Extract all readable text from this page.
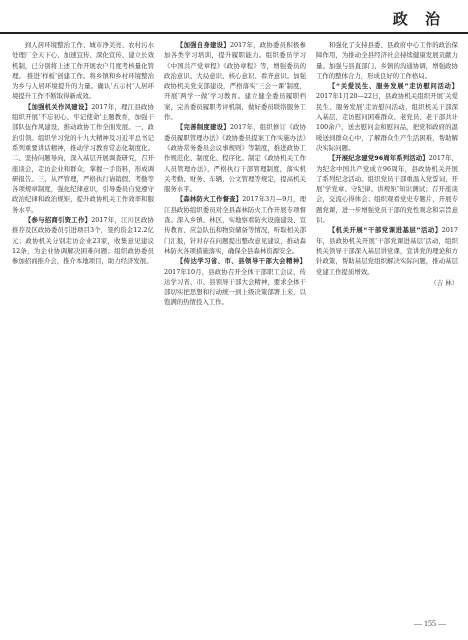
政 治

到人居环境整治工作、城市净美亮、农村污水处理厂全天下心、加速宜传、深化宣传、建立长效机制，已分别将上述工作开展农户月度考核量化管理。 推进‘样板’创建工作。将乡镇和乡村环境整治为乡与人居环境提升的力量。确认‘五示村’人居环境提升工作不断取得新成效。

【加强机关作风建设】2017年，理江县政协组织开展‘不忘初心、牢记使命’主题教育，加强干部队伍作风建设，推动政协工作全面发展。一、政治引领。组织学习党的十九大精神及习近平总书记系列重要讲话精神，推动学习教育常态化制度化。二、坚持问题导向，深入基层开展调查研究，召开座谈会，走访企业和群众，掌握一手资料，形成调研报告。三、从严管理，严格执行请销假、考勤等各项规章制度，强化纪律意识，引导委员自觉遵守政治纪律和政治规矩，提升政协机关工作效率和服务水平。

【参与招商引资工作】2017年，江川区政协推荐及区政协委员引进项目3个，签约资金12.2亿元；政协机关分别走访企业23家，收集意见建议12条，为企业协调解决困难问题；组织政协委员参加招商推介会，推介本地项目，助力经济发展。

【加强自身建设】2017年，政协委员积极参加各类学习培训，提升履职能力。组织委员学习《中国共产党章程》《政协章程》等，增强委员的政治意识、大局意识、核心意识、看齐意识。加强政协机关党支部建设，严格落实‘三会一课’制度，开展‘两学一做’学习教育。建立健全委员履职档案，完善委员履职考评机制，做好委员联络服务工作。

【完善制度建设】2017年，组织修订《政协委员履职管理办法》《政协委员提案工作实施办法》《政协常务委员会议事规则》等制度，推进政协工作规范化、制度化、程序化。制定《政协机关工作人员管理办法》，严格执行干部管理制度，落实机关考勤、财务、车辆、公文管理等规定，提高机关服务水平。

【森林防火工作督查】2017年3月—9月，理江县政协组织委员对全县森林防火工作开展专项督查。深入乡镇、林区，实地察看防火设施建设、宣传教育、应急队伍和物资储备等情况，听取相关部门汇报，针对存在问题提出整改意见建议，推动森林防火各项措施落实，确保全县森林资源安全。

【传达学习省、市、县领导干部大会精神】2017年10月，县政协召开全体干部职工会议，传达学习省、市、县领导干部大会精神，要求全体干部切实把思想和行动统一到上级决策部署上来，以饱满的热情投入工作。

和强化了支持县委、县政府中心工作的政治保障作用，为推动全县经济社会持续健康发展贡献力量。加强与县直部门、乡镇的沟通协调，增强政协工作的整体合力，形成良好的工作格局。

【“关爱民生、服务发展”走访慰问活动】2017年1月20—22日，县政协机关组织开展‘关爱民生、服务发展’走访慰问活动，组织机关干部深入基层，走访慰问困难群众、老党员、老干部共计100余户，送去慰问金和慰问品，把党和政府的温暖送到群众心中，了解群众生产生活困难，帮助解决实际问题。

【开展纪念建党96周年系列活动】2017年，为纪念中国共产党成立96周年，县政协机关开展了系列纪念活动。组织党员干部重温入党誓词，开展‘学党章、守纪律、讲规矩’知识测试；召开座谈会，交流心得体会；组织观看党史专题片，开展专题党课，进一步增强党员干部的党性观念和宗旨意识。

【机关开展“干部党课进基层”活动】2017年，县政协机关开展‘干部党课进基层’活动，组织机关领导干部深入基层讲党课，宣讲党的理论和方针政策，帮助基层党组织解决实际问题，推动基层党建工作提质增效。

（吉 林）

— 155 —
